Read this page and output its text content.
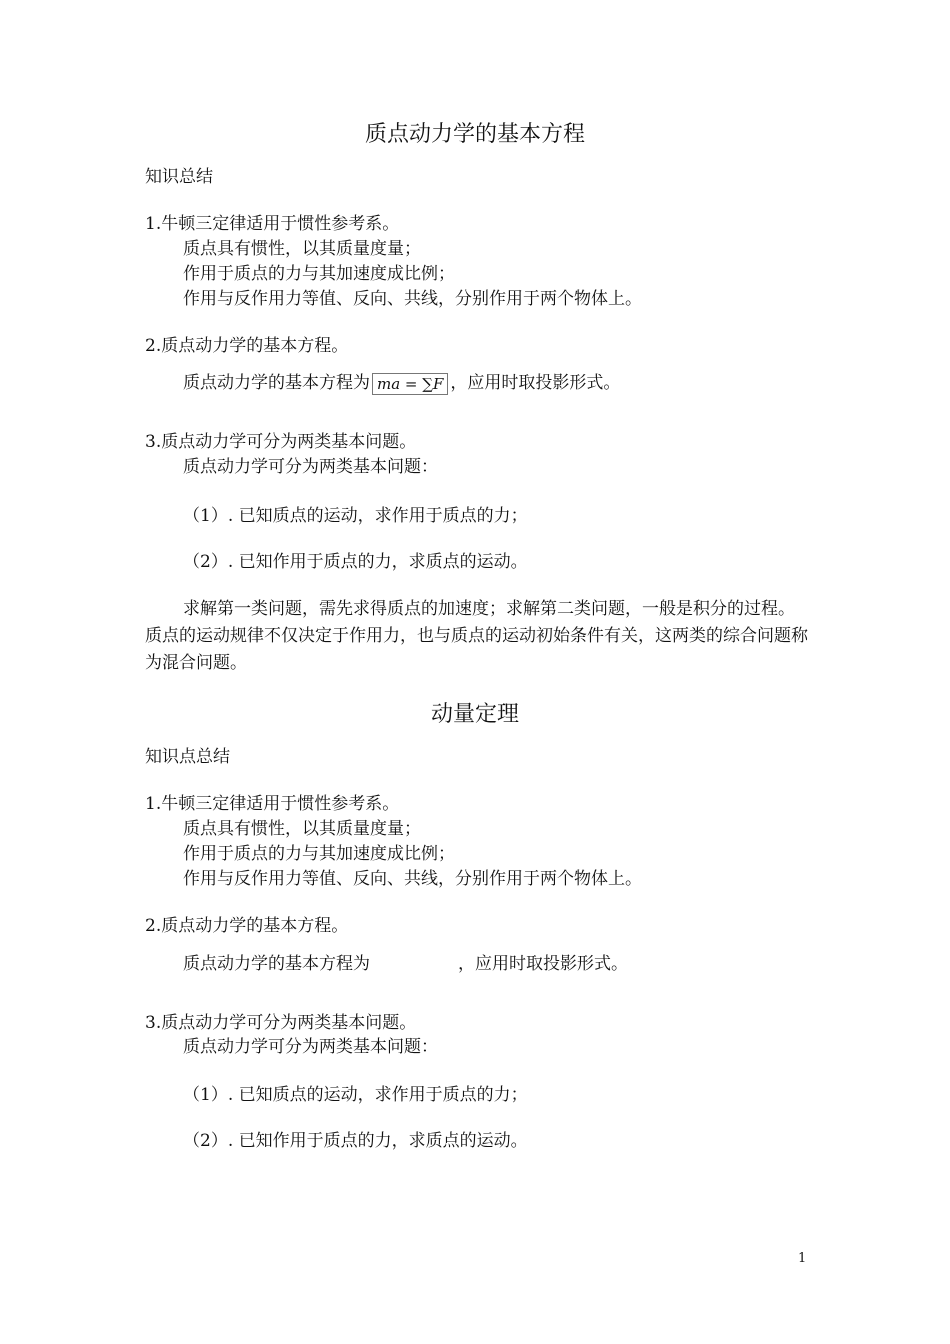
质点动力学的基本方程
知识总结
1.牛顿三定律适用于惯性参考系。
质点具有惯性，以其质量度量；
作用于质点的力与其加速度成比例；
作用与反作用力等值、反向、共线，分别作用于两个物体上。
2.质点动力学的基本方程。
质点动力学的基本方程为 ma = ∑F ，应用时取投影形式。
3.质点动力学可分为两类基本问题。
质点动力学可分为两类基本问题：
（1）. 已知质点的运动，求作用于质点的力；
（2）. 已知作用于质点的力，求质点的运动。
求解第一类问题，需先求得质点的加速度；求解第二类问题，一般是积分的过程。质点的运动规律不仅决定于作用力，也与质点的运动初始条件有关，这两类的综合问题称为混合问题。
动量定理
知识点总结
1.牛顿三定律适用于惯性参考系。
质点具有惯性，以其质量度量；
作用于质点的力与其加速度成比例；
作用与反作用力等值、反向、共线，分别作用于两个物体上。
2.质点动力学的基本方程。
质点动力学的基本方程为	，应用时取投影形式。
3.质点动力学可分为两类基本问题。
质点动力学可分为两类基本问题：
（1）. 已知质点的运动，求作用于质点的力；
（2）. 已知作用于质点的力，求质点的运动。
1
